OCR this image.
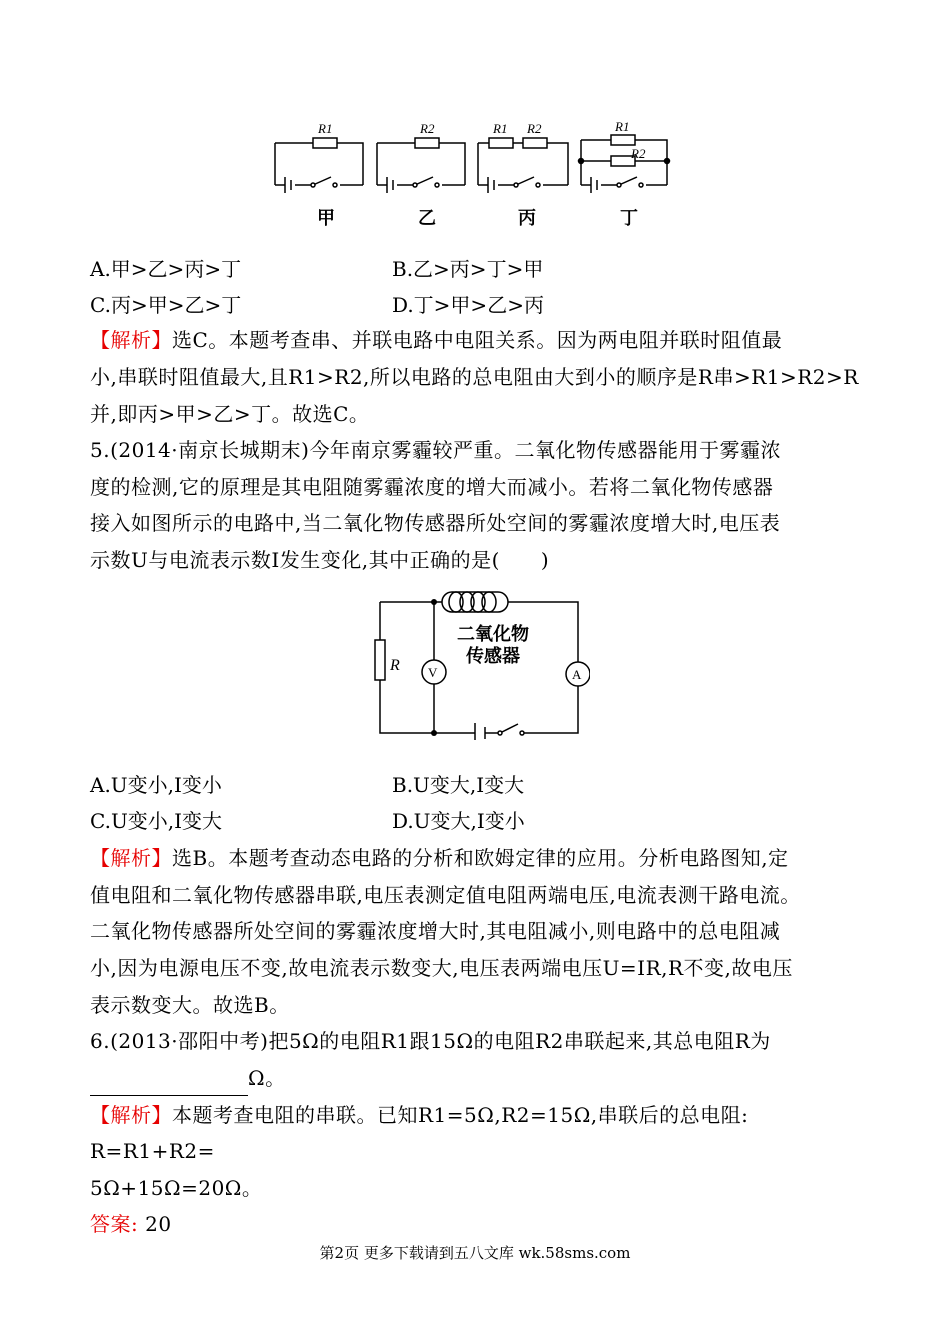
R1	R2	R1 R2	R1
R2
甲	乙	丙	丁
A.甲>乙>丙>丁	B.乙>丙>丁>甲
C.丙>甲>乙>丁	D.丁>甲>乙>丙
【解析】选C。本题考查串、并联电路中电阻关系。因为两电阻并联时阻值最
小,串联时阻值最大,且R1>R2,所以电路的总电阻由大到小的顺序是R串>R1>R2>R
并,即丙>甲>乙>丁。故选C。
5.(2014·南京长城期末)今年南京雾霾较严重。二氧化物传感器能用于雾霾浓
度的检测,它的原理是其电阻随雾霾浓度的增大而减小。若将二氧化物传感器
接入如图所示的电路中,当二氧化物传感器所处空间的雾霾浓度增大时,电压表
示数U与电流表示数I发生变化,其中正确的是(　　)
R V	A
二氧化物
传感器
A.U变小,I变小	B.U变大,I变大
C.U变小,I变大	D.U变大,I变小
【解析】选B。本题考查动态电路的分析和欧姆定律的应用。分析电路图知,定
值电阻和二氧化物传感器串联,电压表测定值电阻两端电压,电流表测干路电流。
二氧化物传感器所处空间的雾霾浓度增大时,其电阻减小,则电路中的总电阻减
小,因为电源电压不变,故电流表示数变大,电压表两端电压U=IR,R不变,故电压
表示数变大。故选B。
6.(2013·邵阳中考)把5Ω的电阻R1跟15Ω的电阻R2串联起来,其总电阻R为
Ω。
【解析】本题考查电阻的串联。已知R1=5Ω,R2=15Ω,串联后的总电阻:
R=R1+R2=
5Ω+15Ω=20Ω。
答案: 20
第2页 更多下载请到五八文库 wk.58sms.com
